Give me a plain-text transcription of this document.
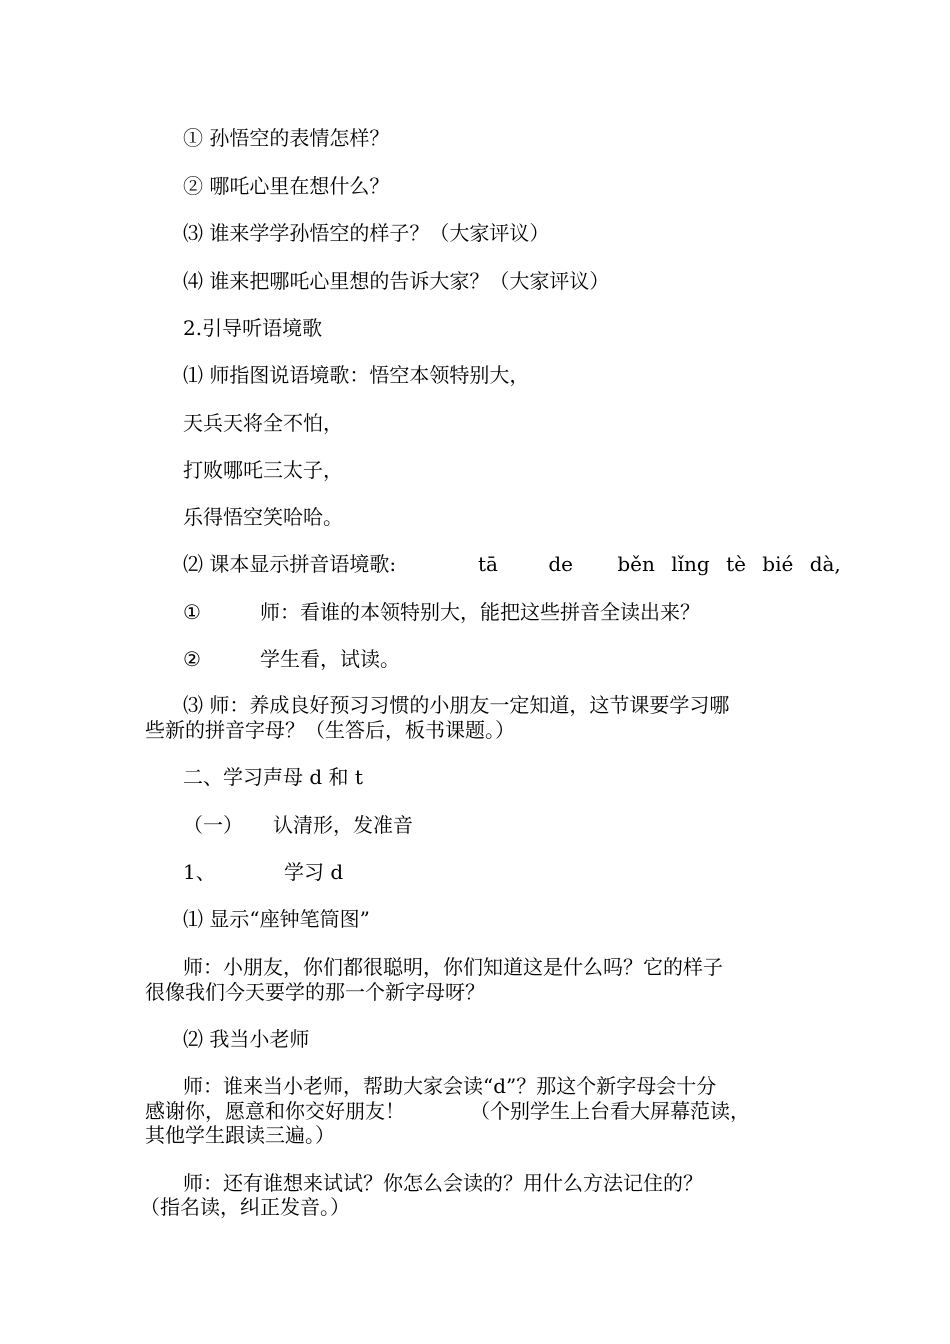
① 孙悟空的表情怎样？
② 哪吒心里在想什么？
⑶ 谁来学学孙悟空的样子？（大家评议）
⑷ 谁来把哪吒心里想的告诉大家？（大家评议）
2.引导听语境歌
⑴ 师指图说语境歌：悟空本领特别大，
天兵天将全不怕，
打败哪吒三太子，
乐得悟空笑哈哈。
⑵ 课本显示拼音语境歌:	tā	de běn lǐng tè bié dà,
①	师：看谁的本领特别大，能把这些拼音全读出来？
②	学生看，试读。
⑶ 师：养成良好预习习惯的小朋友一定知道，这节课要学习哪
些新的拼音字母？（生答后，板书课题。）
二、学习声母 d 和 t
（一） 认清形，发准音
1、	学习 d
⑴ 显示“座钟笔筒图”
师：小朋友，你们都很聪明，你们知道这是什么吗？它的样子
很像我们今天要学的那一个新字母呀？
⑵ 我当小老师
师：谁来当小老师，帮助大家会读“d”？那这个新字母会十分
感谢你，愿意和你交好朋友！	（个别学生上台看大屏幕范读，
其他学生跟读三遍。）
师：还有谁想来试试？你怎么会读的？用什么方法记住的？
（指名读，纠正发音。）
